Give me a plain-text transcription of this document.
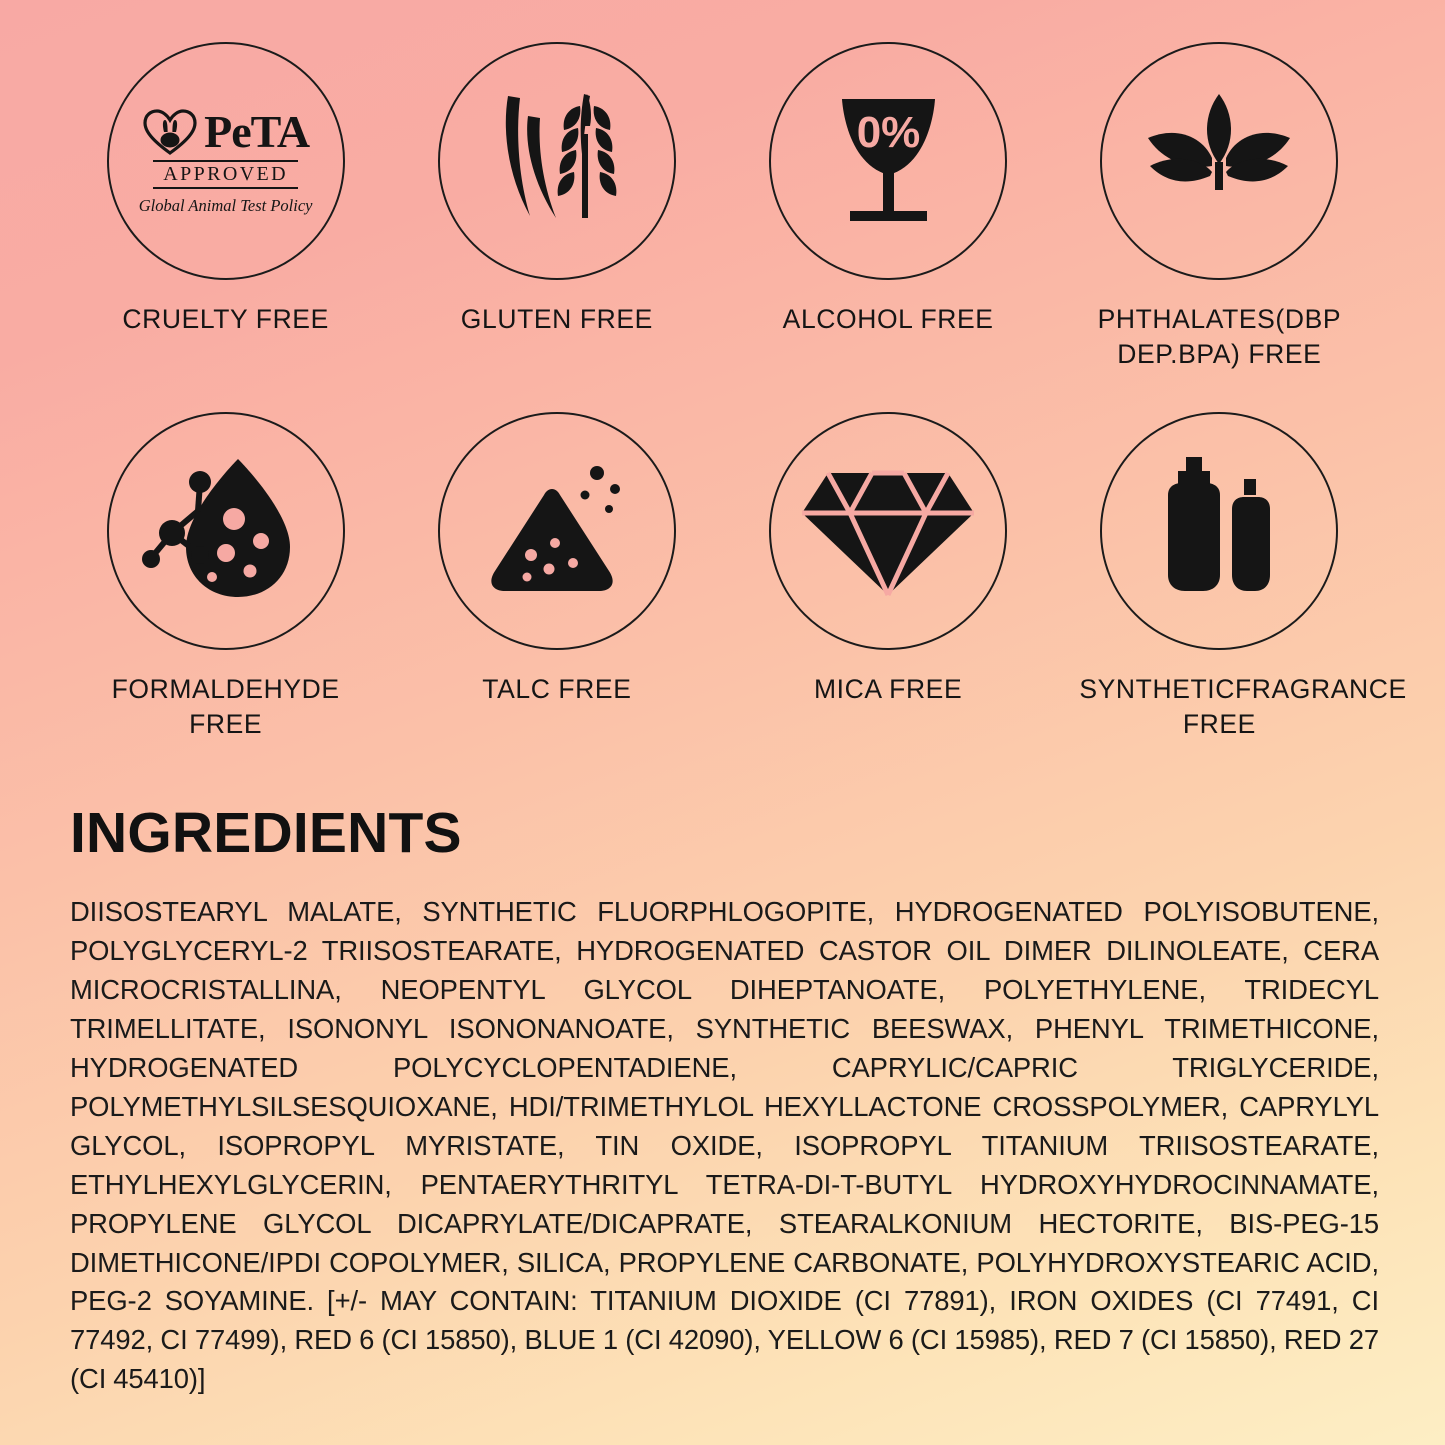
PeTA
APPROVED
Global Animal Test Policy
CRUELTY FREE	GLUTEN FREE
0%
ALCOHOL FREE	PHTHALATES(DBP DEP.BPA) FREE
FORMALDEHYDE FREE
TALC FREE	MICA FREE	SYNTHETICFRAGRANCE FREE
INGREDIENTS

DIISOSTEARYL MALATE, SYNTHETIC FLUORPHLOGOPITE, HYDROGENATED POLYISOBUTENE, POLYGLYCERYL-2 TRIISOSTEARATE, HYDROGENATED CASTOR OIL DIMER DILINOLEATE, CERA MICROCRISTALLINA, NEOPENTYL GLYCOL DIHEPTANOATE, POLYETHYLENE, TRIDECYL TRIMELLITATE, ISONONYL ISONONANOATE, SYNTHETIC BEESWAX, PHENYL TRIMETHICONE, HYDROGENATED POLYCYCLOPENTADIENE, CAPRYLIC/CAPRIC TRIGLYCERIDE, POLYMETHYLSILSESQUIOXANE, HDI/TRIMETHYLOL HEXYLLACTONE CROSSPOLYMER, CAPRYLYL GLYCOL, ISOPROPYL MYRISTATE, TIN OXIDE, ISOPROPYL TITANIUM TRIISOSTEARATE, ETHYLHEXYLGLYCERIN, PENTAERYTHRITYL TETRA-DI-T-BUTYL HYDROXYHYDROCINNAMATE, PROPYLENE GLYCOL DICAPRYLATE/DICAPRATE, STEARALKONIUM HECTORITE, BIS-PEG-15 DIMETHICONE/IPDI COPOLYMER, SILICA, PROPYLENE CARBONATE, POLYHYDROXYSTEARIC ACID, PEG-2 SOYAMINE. [+/- MAY CONTAIN: TITANIUM DIOXIDE (CI 77891), IRON OXIDES (CI 77491, CI 77492, CI 77499), RED 6 (CI 15850), BLUE 1 (CI 42090), YELLOW 6 (CI 15985), RED 7 (CI 15850), RED 27 (CI 45410)]
